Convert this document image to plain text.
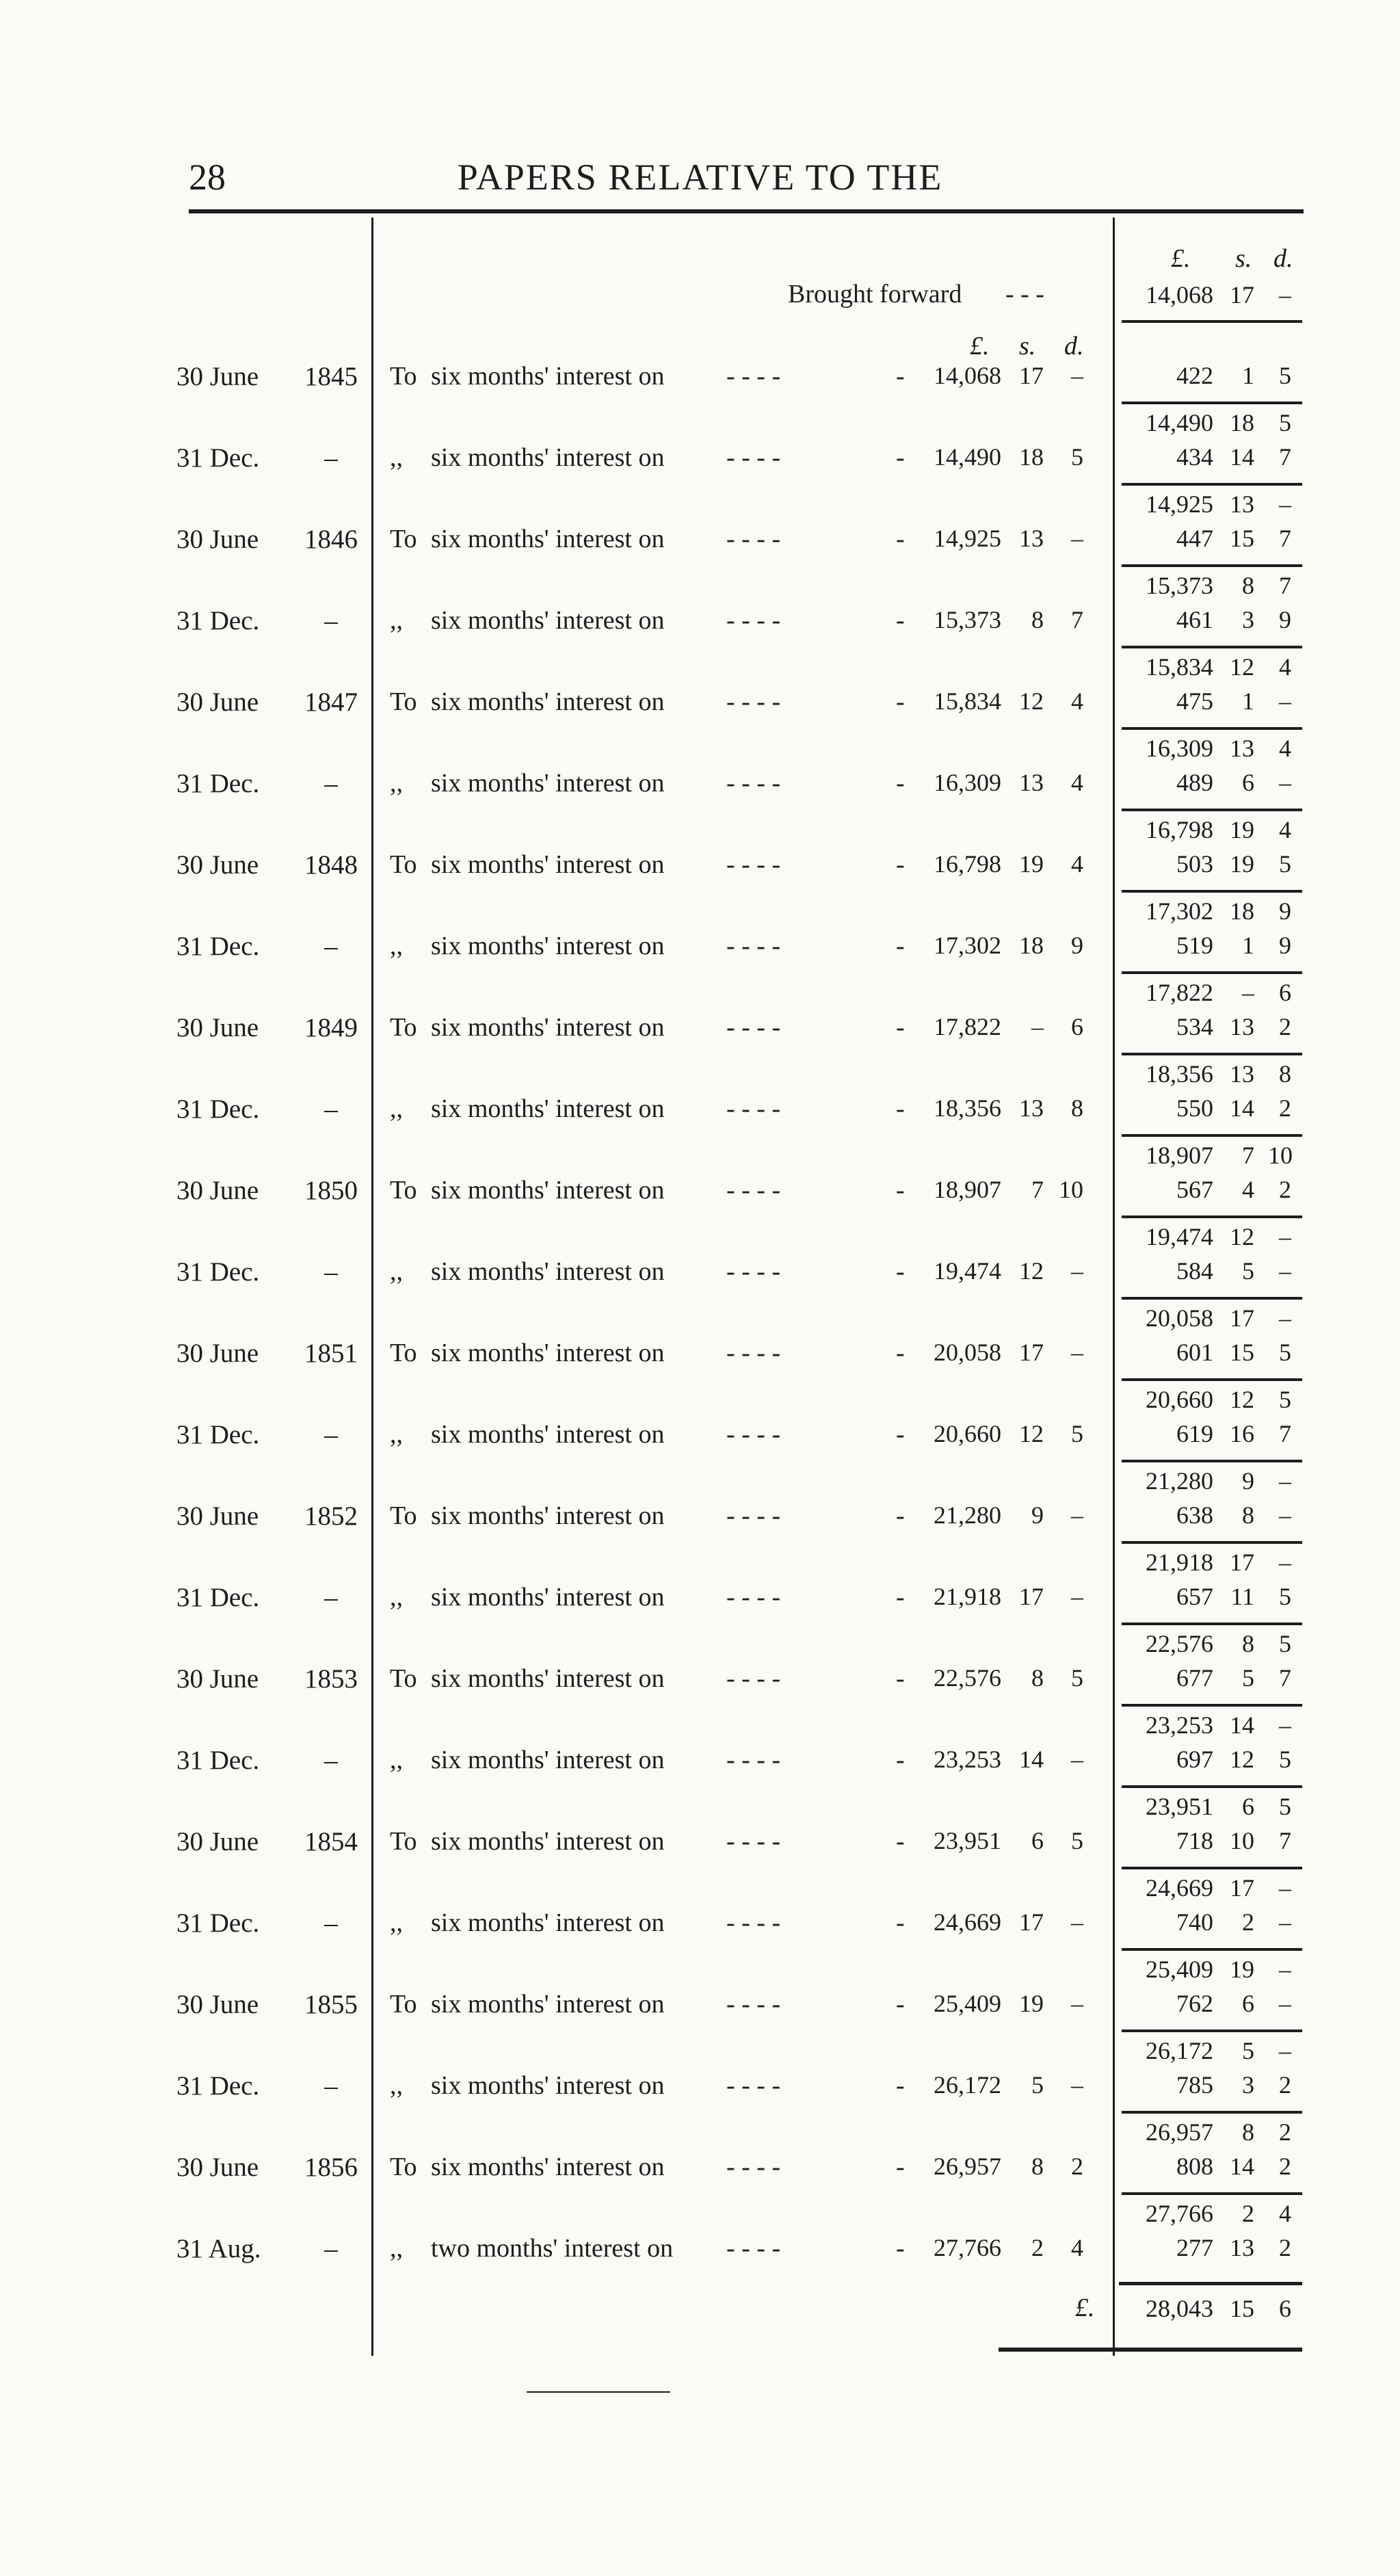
28	PAPERS RELATIVE TO THE
£. s. d.
Brought forward - - -	14,068 17	–
£. s. d.
30 June 1845 To six months' interest on - - - -	-	14,068 17	–	422	1	5
31 Dec.	–	,, six months' interest on - - - -	-	14,490 18	5
14,490 18	5
434 14	7
30 June 1846 To six months' interest on - - - -	-	14,925 13	–
14,925 13	–
447 15	7
31 Dec.	–	,, six months' interest on - - - -	-	15,373	8	7
15,373	8	7
461	3	9
30 June 1847 To six months' interest on - - - -	-	15,834 12	4
15,834 12	4
475	1	–
31 Dec.	–	,, six months' interest on - - - -	-	16,309 13	4
16,309 13	4
489	6	–
30 June 1848 To six months' interest on - - - -	-	16,798 19	4
16,798 19	4
503 19	5
31 Dec.	–	,, six months' interest on - - - -	-	17,302 18	9
17,302 18	9
519	1	9
30 June 1849 To six months' interest on - - - -	-	17,822	–	6
17,822	–	6
534 13	2
31 Dec.	–	,, six months' interest on - - - -	-	18,356 13	8
18,356 13	8
550 14	2
30 June 1850 To six months' interest on - - - -	-	18,907	7 10
18,907	7 10
567	4	2
31 Dec.	–	,, six months' interest on - - - -	-	19,474 12	–
19,474 12	–
584	5	–
30 June 1851 To six months' interest on - - - -	-	20,058 17	–
20,058 17	–
601 15	5
31 Dec.	–	,, six months' interest on - - - -	-	20,660 12	5
20,660 12	5
619 16	7
30 June 1852 To six months' interest on - - - -	-	21,280	9	–
21,280	9	–
638	8	–
31 Dec.	–	,, six months' interest on - - - -	-	21,918 17	–
21,918 17	–
657 11	5
30 June 1853 To six months' interest on - - - -	-	22,576	8	5
22,576	8	5
677	5	7
31 Dec.	–	,, six months' interest on - - - -	-	23,253 14	–
23,253 14	–
697 12	5
30 June 1854 To six months' interest on - - - -	-	23,951	6	5
23,951	6	5
718 10	7
31 Dec.	–	,, six months' interest on - - - -	-	24,669 17	–
24,669 17	–
740	2	–
30 June 1855 To six months' interest on - - - -	-	25,409 19	–
25,409 19	–
762	6	–
31 Dec.	–	,, six months' interest on - - - -	-	26,172	5	–
26,172	5	–
785	3	2
30 June 1856 To six months' interest on - - - -	-	26,957	8	2
26,957	8	2
808 14	2
31 Aug.	–	,, two months' interest on - - - -	-	27,766	2	4
27,766	2	4
277 13	2
£.	28,043 15	6
